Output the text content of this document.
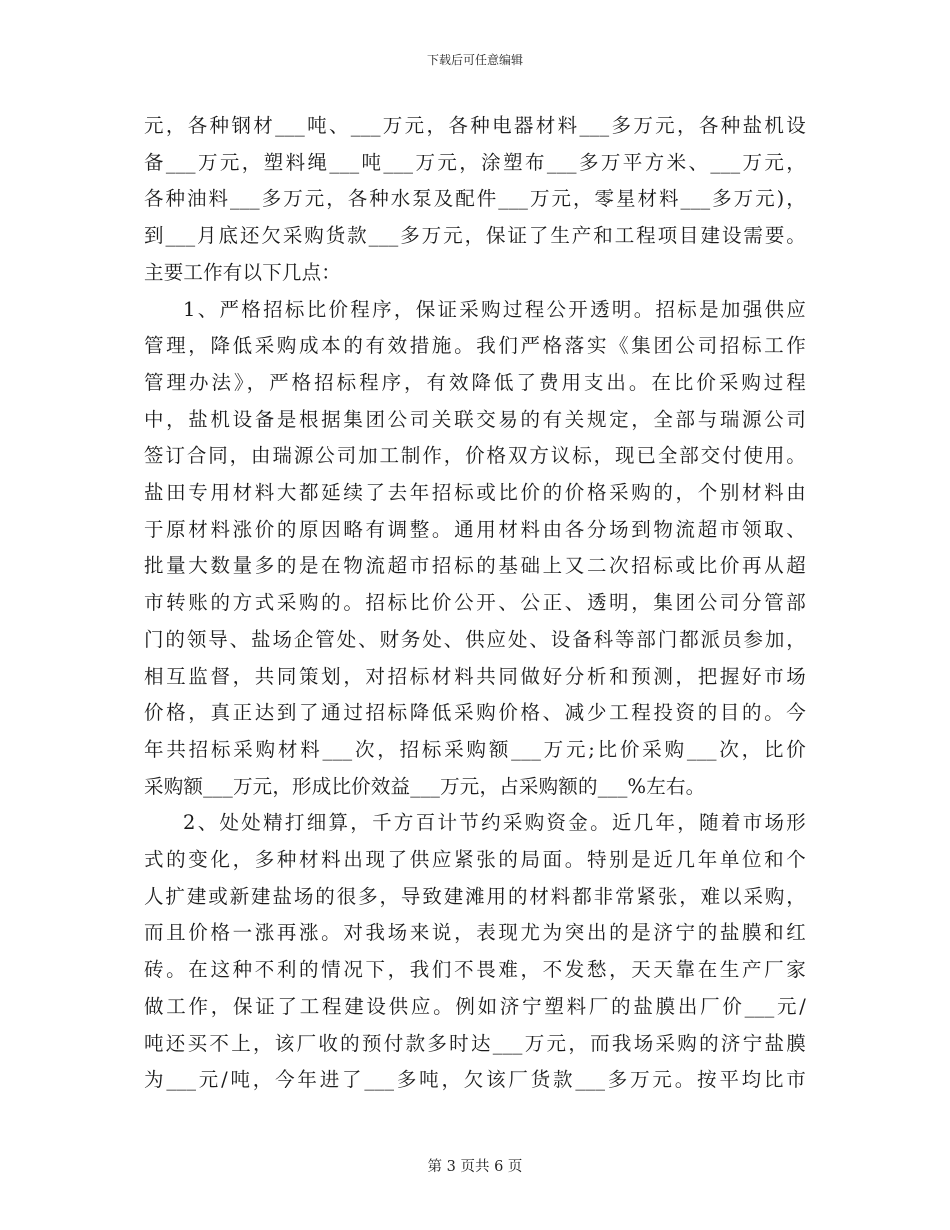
下载后可任意编辑

元，各种钢材___吨、___万元，各种电器材料___多万元，各种盐机设

备___万元，塑料绳___吨___万元，涂塑布___多万平方米、___万元，

各种油料___多万元，各种水泵及配件___万元，零星材料___多万元)，

到___月底还欠采购货款___多万元，保证了生产和工程项目建设需要。

主要工作有以下几点：

1、严格招标比价程序，保证采购过程公开透明。招标是加强供应

管理，降低采购成本的有效措施。我们严格落实《集团公司招标工作

管理办法》，严格招标程序，有效降低了费用支出。在比价采购过程

中，盐机设备是根据集团公司关联交易的有关规定，全部与瑞源公司

签订合同，由瑞源公司加工制作，价格双方议标，现已全部交付使用。

盐田专用材料大都延续了去年招标或比价的价格采购的，个别材料由

于原材料涨价的原因略有调整。通用材料由各分场到物流超市领取、

批量大数量多的是在物流超市招标的基础上又二次招标或比价再从超

市转账的方式采购的。招标比价公开、公正、透明，集团公司分管部

门的领导、盐场企管处、财务处、供应处、设备科等部门都派员参加，

相互监督，共同策划，对招标材料共同做好分析和预测，把握好市场

价格，真正达到了通过招标降低采购价格、减少工程投资的目的。今

年共招标采购材料___次，招标采购额___万元;比价采购___次，比价

采购额___万元，形成比价效益___万元，占采购额的___%左右。

2、处处精打细算，千方百计节约采购资金。近几年，随着市场形

式的变化，多种材料出现了供应紧张的局面。特别是近几年单位和个

人扩建或新建盐场的很多，导致建滩用的材料都非常紧张，难以采购，

而且价格一涨再涨。对我场来说，表现尤为突出的是济宁的盐膜和红

砖。在这种不利的情况下，我们不畏难，不发愁，天天靠在生产厂家

做工作，保证了工程建设供应。例如济宁塑料厂的盐膜出厂价___元/

吨还买不上，该厂收的预付款多时达___万元，而我场采购的济宁盐膜

为___元/吨，今年进了___多吨，欠该厂货款___多万元。按平均比市

第 3 页共 6 页
